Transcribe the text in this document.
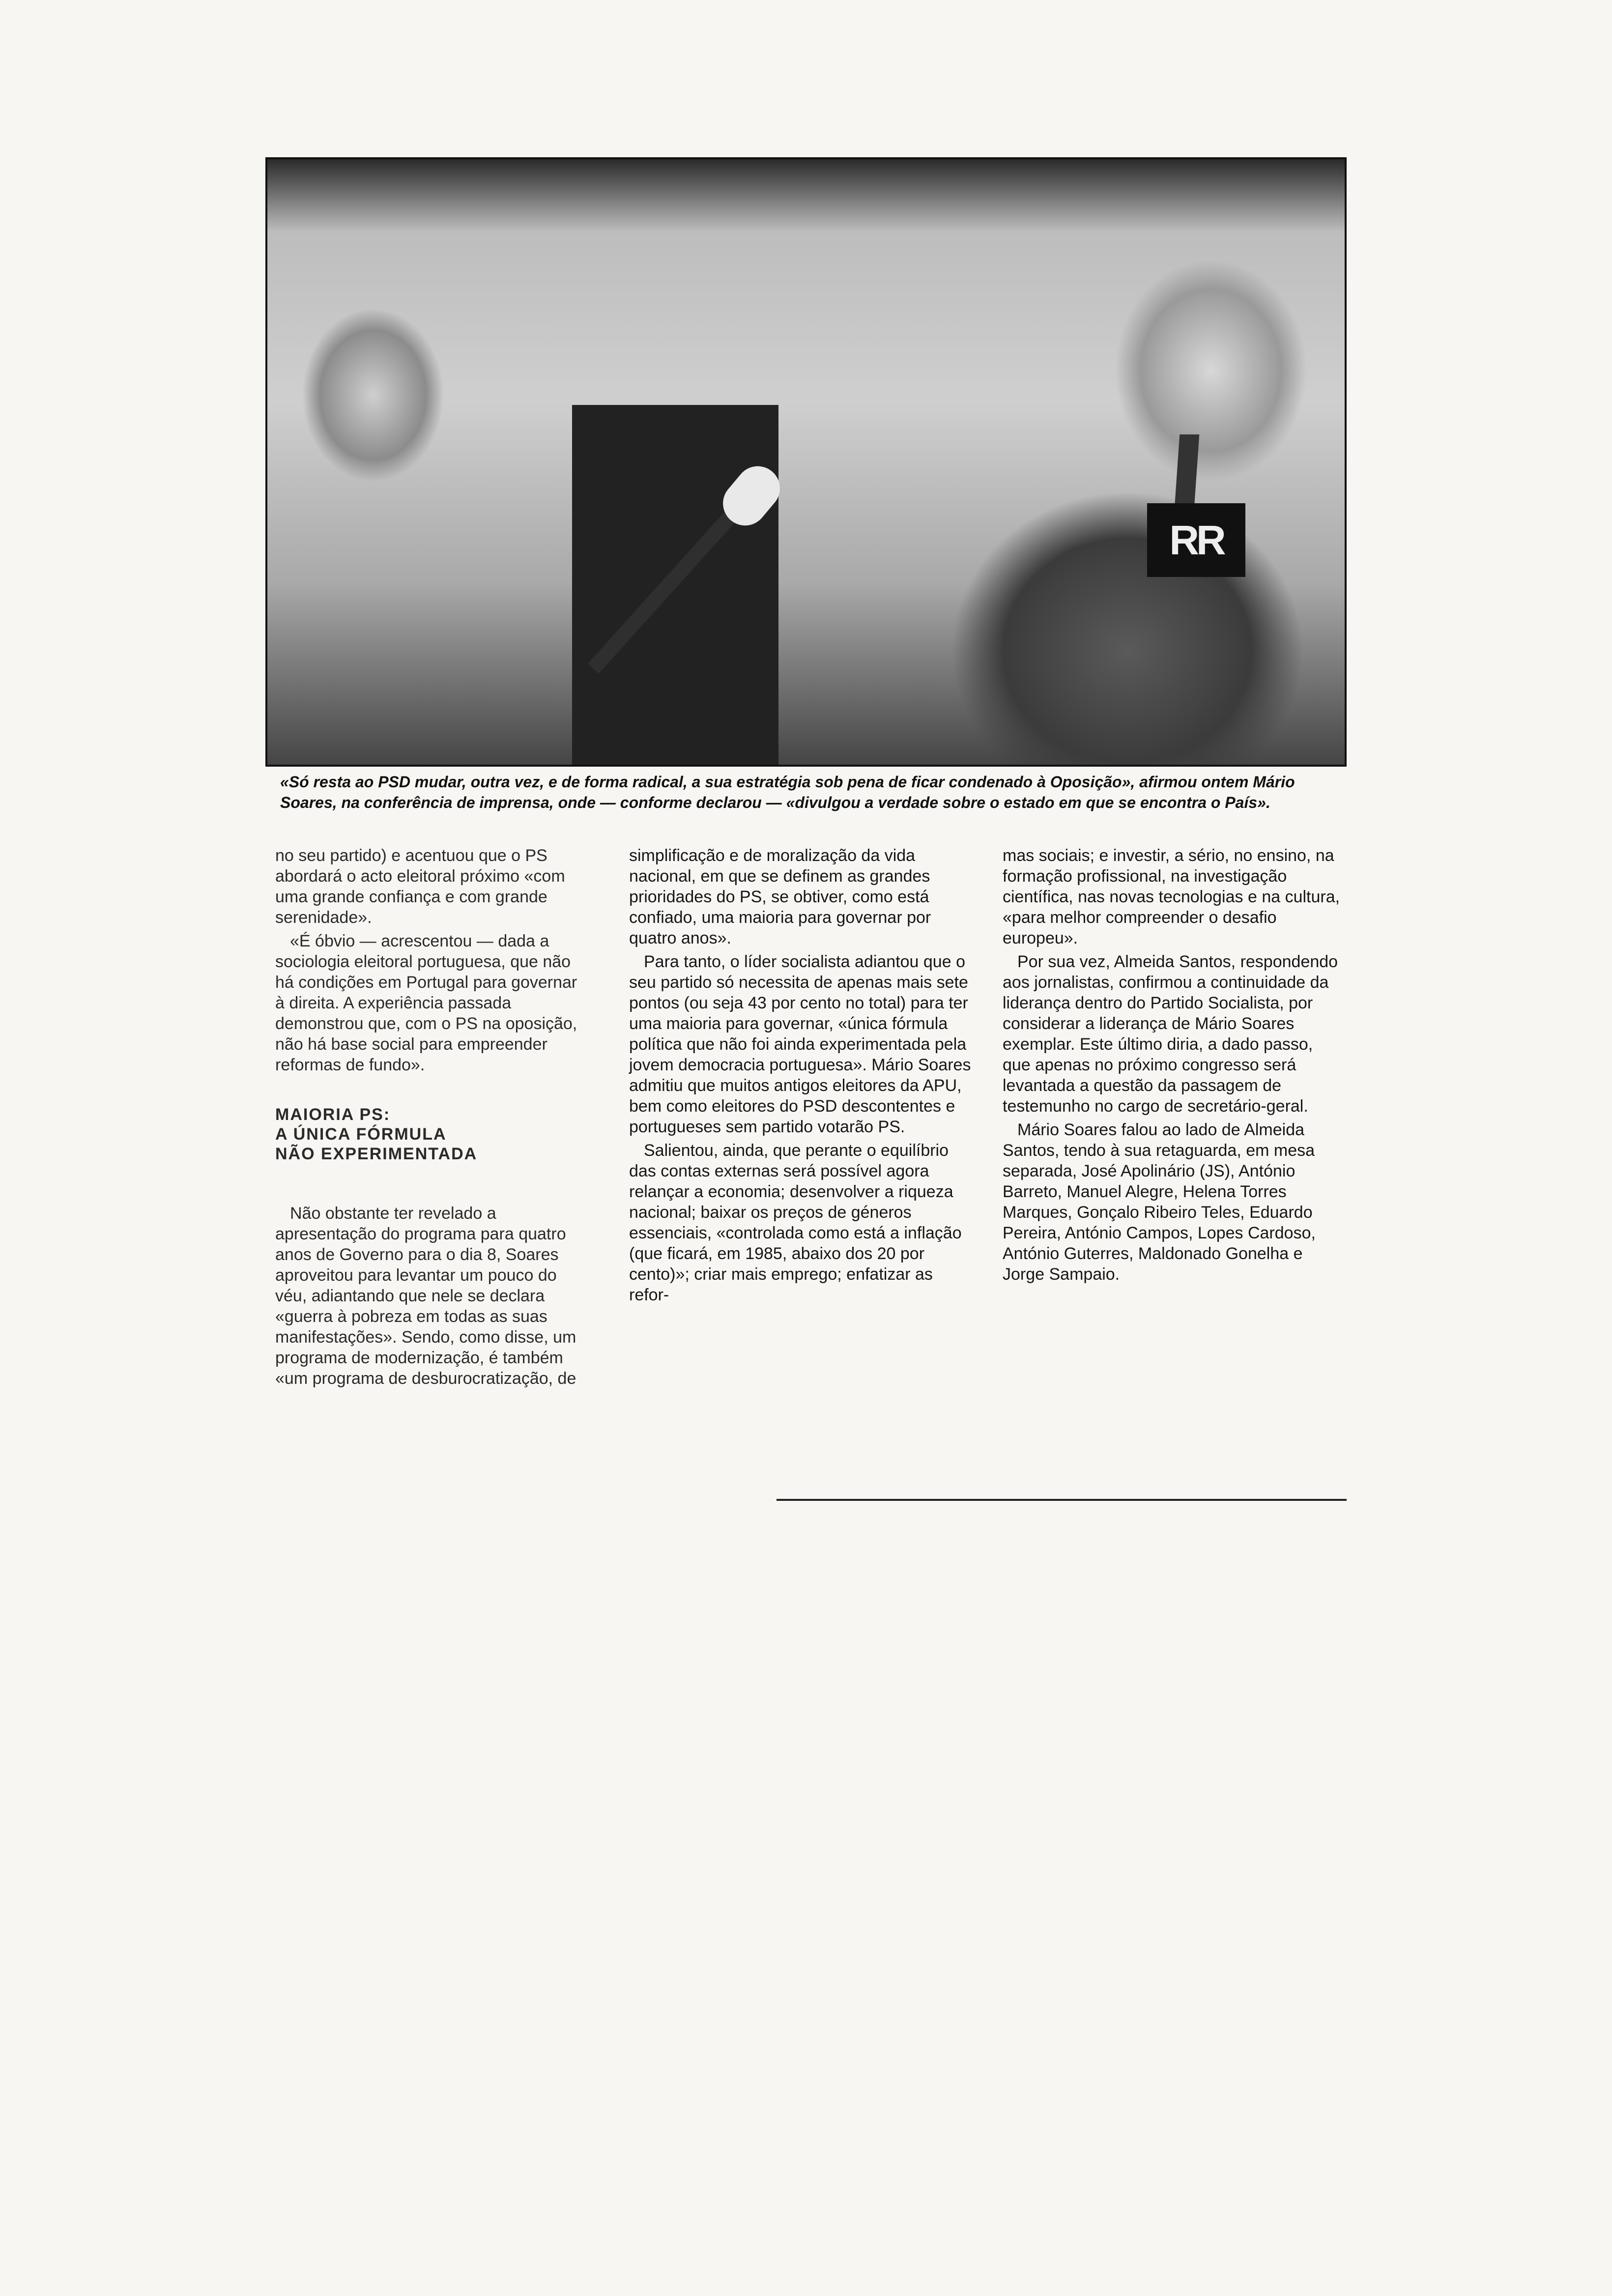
RR
«Só resta ao PSD mudar, outra vez, e de forma radical, a sua estratégia sob pena de ficar condenado à Oposição», afirmou ontem Mário Soares, na conferência de imprensa, onde — conforme declarou — «divulgou a verdade sobre o estado em que se encontra o País».

no seu partido) e acentuou que o PS abordará o acto eleitoral próximo «com uma grande confiança e com grande serenidade».

«É óbvio — acrescentou — dada a sociologia eleitoral portuguesa, que não há condições em Portugal para governar à direita. A experiência passada demonstrou que, com o PS na oposição, não há base social para empreender reformas de fundo».

MAIORIA PS:
A ÚNICA FÓRMULA
NÃO EXPERIMENTADA

Não obstante ter revelado a apresentação do programa para quatro anos de Governo para o dia 8, Soares aproveitou para levantar um pouco do véu, adiantando que nele se declara «guerra à pobreza em todas as suas manifestações». Sendo, como disse, um programa de modernização, é também «um programa de desburocratização, de

simplificação e de moralização da vida nacional, em que se definem as grandes prioridades do PS, se obtiver, como está confiado, uma maioria para governar por quatro anos».

Para tanto, o líder socialista adiantou que o seu partido só necessita de apenas mais sete pontos (ou seja 43 por cento no total) para ter uma maioria para governar, «única fórmula política que não foi ainda experimentada pela jovem democracia portuguesa». Mário Soares admitiu que muitos antigos eleitores da APU, bem como eleitores do PSD descontentes e portugueses sem partido votarão PS.

Salientou, ainda, que perante o equilíbrio das contas externas será possível agora relançar a economia; desenvolver a riqueza nacional; baixar os preços de géneros essenciais, «controlada como está a inflação (que ficará, em 1985, abaixo dos 20 por cento)»; criar mais emprego; enfatizar as refor-

mas sociais; e investir, a sério, no ensino, na formação profissional, na investigação científica, nas novas tecnologias e na cultura, «para melhor compreender o desafio europeu».

Por sua vez, Almeida Santos, respondendo aos jornalistas, confirmou a continuidade da liderança dentro do Partido Socialista, por considerar a liderança de Mário Soares exemplar. Este último diria, a dado passo, que apenas no próximo congresso será levantada a questão da passagem de testemunho no cargo de secretário-geral.

Mário Soares falou ao lado de Almeida Santos, tendo à sua retaguarda, em mesa separada, José Apolinário (JS), António Barreto, Manuel Alegre, Helena Torres Marques, Gonçalo Ribeiro Teles, Eduardo Pereira, António Campos, Lopes Cardoso, António Guterres, Maldonado Gonelha e Jorge Sampaio.
